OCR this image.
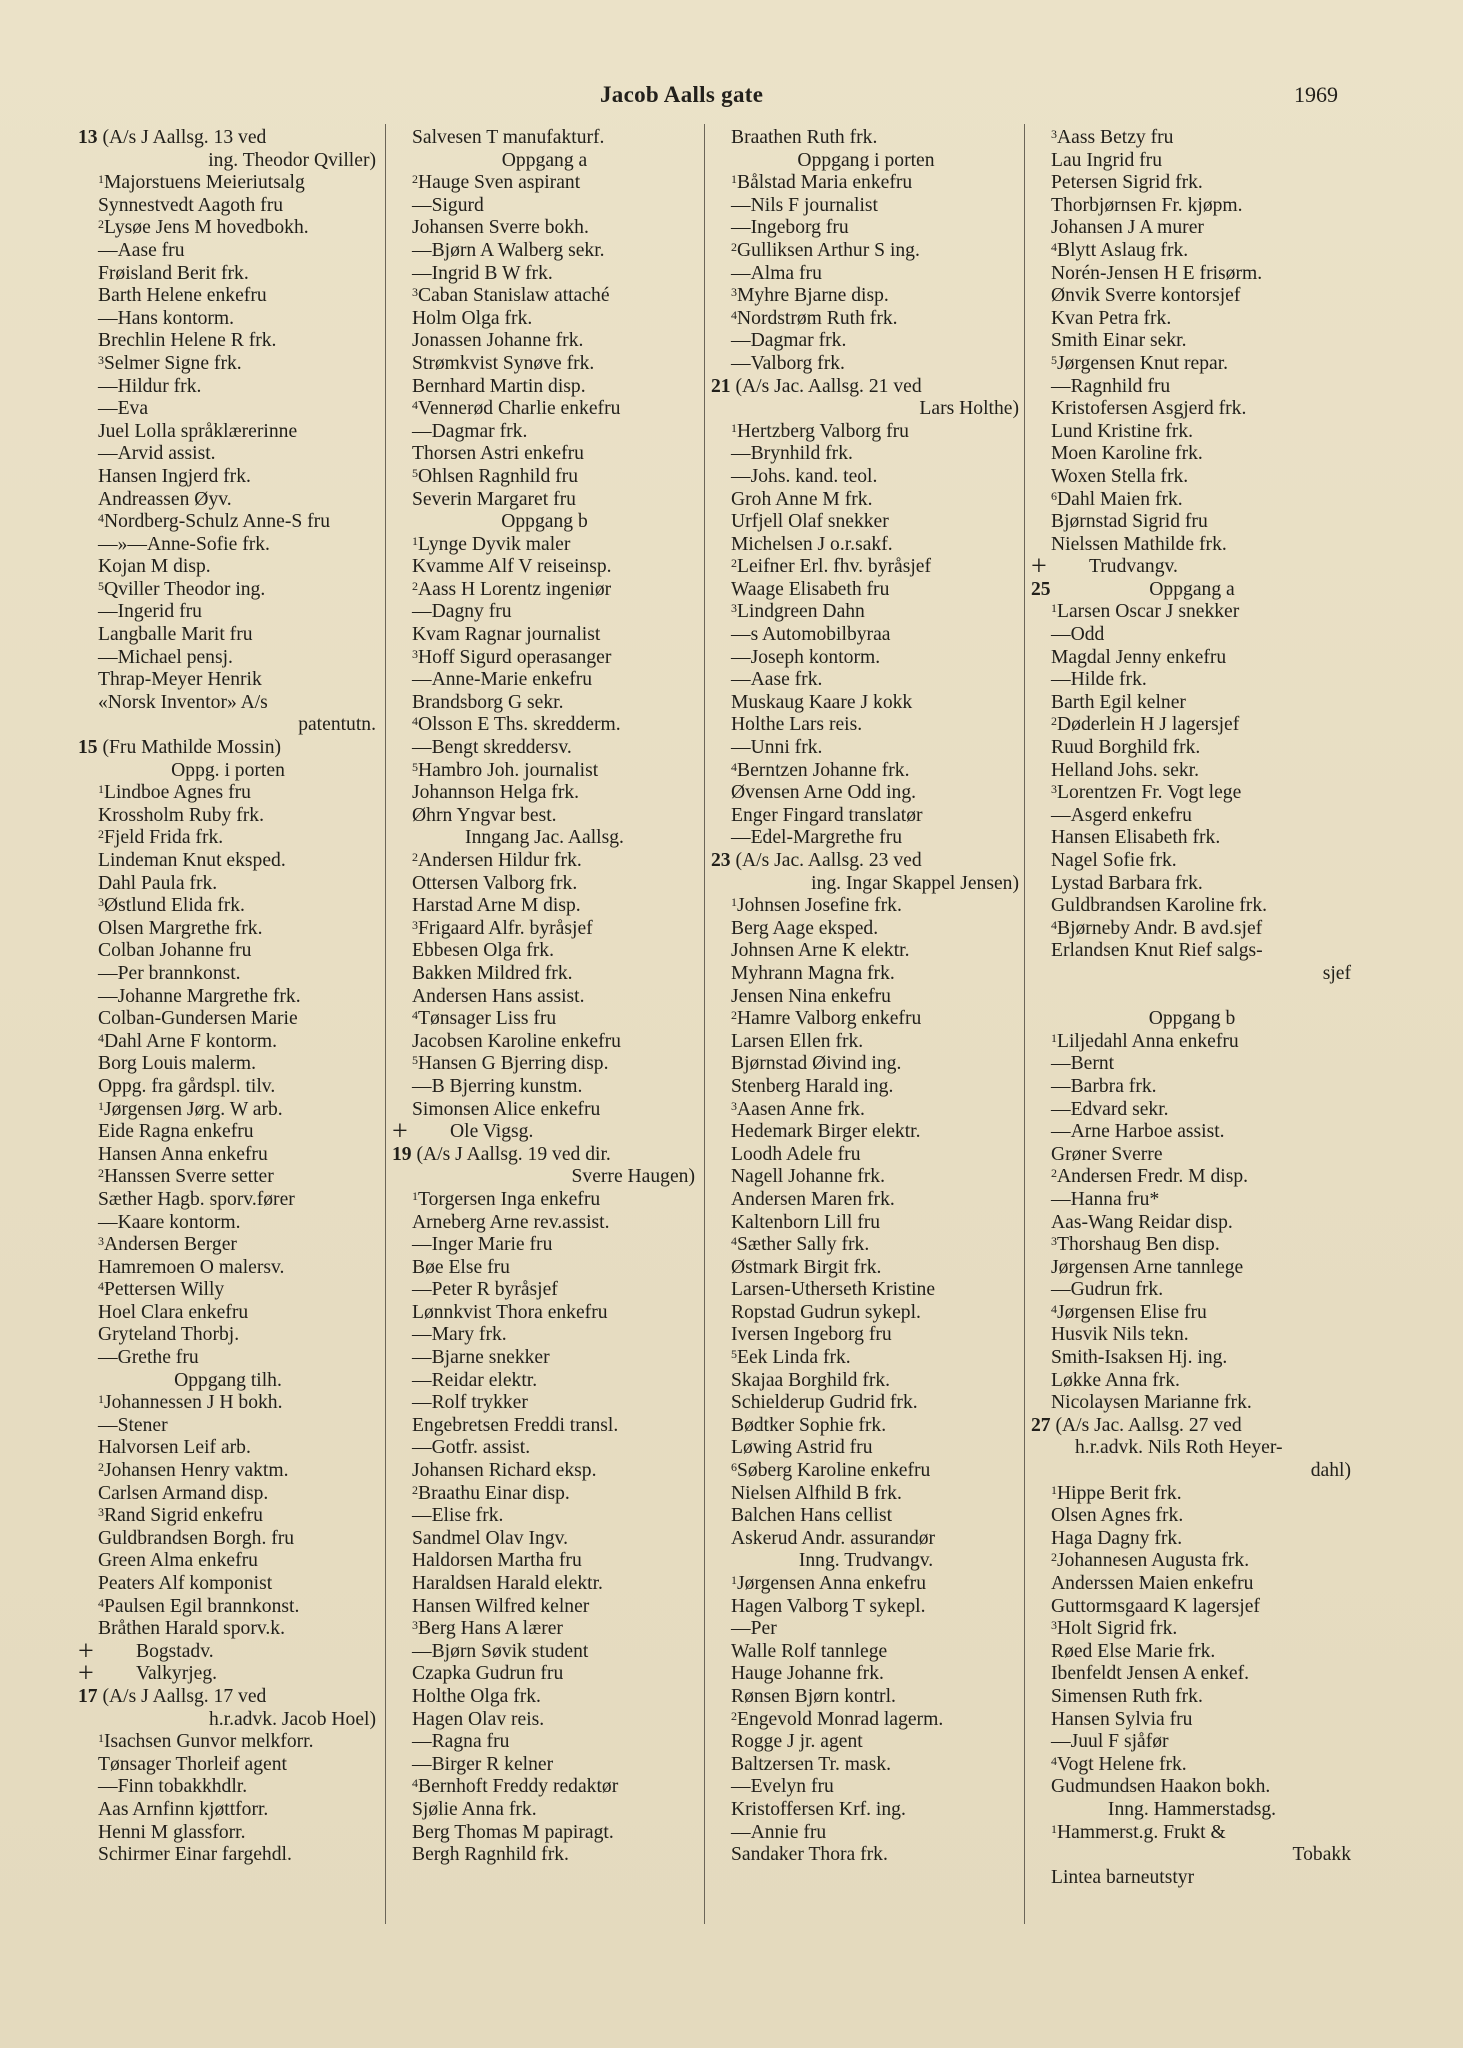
Jacob Aalls gate	1969
13 (A/s J Aallsg. 13 ved
ing. Theodor Qviller)
$^1$Majorstuens Meieriutsalg
Synnestvedt Aagoth fru
$^2$Lysøe Jens M hovedbokh.
—Aase fru
Frøisland Berit frk.
Barth Helene enkefru
—Hans kontorm.
Brechlin Helene R frk.
$^3$Selmer Signe frk.
—Hildur frk.
—Eva
Juel Lolla språklærerinne
—Arvid assist.
Hansen Ingjerd frk.
Andreassen Øyv.
$^4$Nordberg-Schulz Anne-S fru
—»—Anne-Sofie frk.
Kojan M disp.
$^5$Qviller Theodor ing.
—Ingerid fru
Langballe Marit fru
—Michael pensj.
Thrap-Meyer Henrik
«Norsk Inventor» A/s
patentutn.
15 (Fru Mathilde Mossin)
Oppg. i porten
$^1$Lindboe Agnes fru
Krossholm Ruby frk.
$^2$Fjeld Frida frk.
Lindeman Knut eksped.
Dahl Paula frk.
$^3$Østlund Elida frk.
Olsen Margrethe frk.
Colban Johanne fru
—Per brannkonst.
—Johanne Margrethe frk.
Colban-Gundersen Marie
$^4$Dahl Arne F kontorm.
Borg Louis malerm.
Oppg. fra gårdspl. tilv.
$^1$Jørgensen Jørg. W arb.
Eide Ragna enkefru
Hansen Anna enkefru
$^2$Hanssen Sverre setter
Sæther Hagb. sporv.fører
—Kaare kontorm.
$^3$Andersen Berger
Hamremoen O malersv.
$^4$Pettersen Willy
Hoel Clara enkefru
Gryteland Thorbj.
—Grethe fru
Oppgang tilh.
$^1$Johannessen J H bokh.
—Stener
Halvorsen Leif arb.
$^2$Johansen Henry vaktm.
Carlsen Armand disp.
$^3$Rand Sigrid enkefru
Guldbrandsen Borgh. fru
Green Alma enkefru
Peaters Alf komponist
$^4$Paulsen Egil brannkonst.
Bråthen Harald sporv.k.
+ Bogstadv.
+ Valkyrjeg.
17 (A/s J Aallsg. 17 ved
h.r.advk. Jacob Hoel)
$^1$Isachsen Gunvor melkforr.
Tønsager Thorleif agent
—Finn tobakkhdlr.
Aas Arnfinn kjøttforr.
Henni M glassforr.
Schirmer Einar fargehdl.
Salvesen T manufakturf.
Oppgang a
$^2$Hauge Sven aspirant
—Sigurd
Johansen Sverre bokh.
—Bjørn A Walberg sekr.
—Ingrid B W frk.
$^3$Caban Stanislaw attaché
Holm Olga frk.
Jonassen Johanne frk.
Strømkvist Synøve frk.
Bernhard Martin disp.
$^4$Vennerød Charlie enkefru
—Dagmar frk.
Thorsen Astri enkefru
$^5$Ohlsen Ragnhild fru
Severin Margaret fru
Oppgang b
$^1$Lynge Dyvik maler
Kvamme Alf V reiseinsp.
$^2$Aass H Lorentz ingeniør
—Dagny fru
Kvam Ragnar journalist
$^3$Hoff Sigurd operasanger
—Anne-Marie enkefru
Brandsborg G sekr.
$^4$Olsson E Ths. skredderm.
—Bengt skreddersv.
$^5$Hambro Joh. journalist
Johannson Helga frk.
Øhrn Yngvar best.
Inngang Jac. Aallsg.
$^2$Andersen Hildur frk.
Ottersen Valborg frk.
Harstad Arne M disp.
$^3$Frigaard Alfr. byråsjef
Ebbesen Olga frk.
Bakken Mildred frk.
Andersen Hans assist.
$^4$Tønsager Liss fru
Jacobsen Karoline enkefru
$^5$Hansen G Bjerring disp.
—B Bjerring kunstm.
Simonsen Alice enkefru
+ Ole Vigsg.
19 (A/s J Aallsg. 19 ved dir.
Sverre Haugen)
$^1$Torgersen Inga enkefru
Arneberg Arne rev.assist.
—Inger Marie fru
Bøe Else fru
—Peter R byråsjef
Lønnkvist Thora enkefru
—Mary frk.
—Bjarne snekker
—Reidar elektr.
—Rolf trykker
Engebretsen Freddi transl.
—Gotfr. assist.
Johansen Richard eksp.
$^2$Braathu Einar disp.
—Elise frk.
Sandmel Olav Ingv.
Haldorsen Martha fru
Haraldsen Harald elektr.
Hansen Wilfred kelner
$^3$Berg Hans A lærer
—Bjørn Søvik student
Czapka Gudrun fru
Holthe Olga frk.
Hagen Olav reis.
—Ragna fru
—Birger R kelner
$^4$Bernhoft Freddy redaktør
Sjølie Anna frk.
Berg Thomas M papiragt.
Bergh Ragnhild frk.
Braathen Ruth frk.
Oppgang i porten
$^1$Bålstad Maria enkefru
—Nils F journalist
—Ingeborg fru
$^2$Gulliksen Arthur S ing.
—Alma fru
$^3$Myhre Bjarne disp.
$^4$Nordstrøm Ruth frk.
—Dagmar frk.
—Valborg frk.
21 (A/s Jac. Aallsg. 21 ved
Lars Holthe)
$^1$Hertzberg Valborg fru
—Brynhild frk.
—Johs. kand. teol.
Groh Anne M frk.
Urfjell Olaf snekker
Michelsen J o.r.sakf.
$^2$Leifner Erl. fhv. byråsjef
Waage Elisabeth fru
$^3$Lindgreen Dahn
—s Automobilbyraa
—Joseph kontorm.
—Aase frk.
Muskaug Kaare J kokk
Holthe Lars reis.
—Unni frk.
$^4$Berntzen Johanne frk.
Øvensen Arne Odd ing.
Enger Fingard translatør
—Edel-Margrethe fru
23 (A/s Jac. Aallsg. 23 ved
ing. Ingar Skappel Jensen)
$^1$Johnsen Josefine frk.
Berg Aage eksped.
Johnsen Arne K elektr.
Myhrann Magna frk.
Jensen Nina enkefru
$^2$Hamre Valborg enkefru
Larsen Ellen frk.
Bjørnstad Øivind ing.
Stenberg Harald ing.
$^3$Aasen Anne frk.
Hedemark Birger elektr.
Loodh Adele fru
Nagell Johanne frk.
Andersen Maren frk.
Kaltenborn Lill fru
$^4$Sæther Sally frk.
Østmark Birgit frk.
Larsen-Utherseth Kristine
Ropstad Gudrun sykepl.
Iversen Ingeborg fru
$^5$Eek Linda frk.
Skajaa Borghild frk.
Schielderup Gudrid frk.
Bødtker Sophie frk.
Løwing Astrid fru
$^6$Søberg Karoline enkefru
Nielsen Alfhild B frk.
Balchen Hans cellist
Askerud Andr. assurandør
Inng. Trudvangv.
$^1$Jørgensen Anna enkefru
Hagen Valborg T sykepl.
—Per
Walle Rolf tannlege
Hauge Johanne frk.
Rønsen Bjørn kontrl.
$^2$Engevold Monrad lagerm.
Rogge J jr. agent
Baltzersen Tr. mask.
—Evelyn fru
Kristoffersen Krf. ing.
—Annie fru
Sandaker Thora frk.
$^3$Aass Betzy fru
Lau Ingrid fru
Petersen Sigrid frk.
Thorbjørnsen Fr. kjøpm.
Johansen J A murer
$^4$Blytt Aslaug frk.
Norén-Jensen H E frisørm.
Ønvik Sverre kontorsjef
Kvan Petra frk.
Smith Einar sekr.
$^5$Jørgensen Knut repar.
—Ragnhild fru
Kristofersen Asgjerd frk.
Lund Kristine frk.
Moen Karoline frk.
Woxen Stella frk.
$^6$Dahl Maien frk.
Bjørnstad Sigrid fru
Nielssen Mathilde frk.
+ Trudvangv.
25	Oppgang a
$^1$Larsen Oscar J snekker
—Odd
Magdal Jenny enkefru
—Hilde frk.
Barth Egil kelner
$^2$Døderlein H J lagersjef
Ruud Borghild frk.
Helland Johs. sekr.
$^3$Lorentzen Fr. Vogt lege
—Asgerd enkefru
Hansen Elisabeth frk.
Nagel Sofie frk.
Lystad Barbara frk.
Guldbrandsen Karoline frk.
$^4$Bjørneby Andr. B avd.sjef
Erlandsen Knut Rief salgs-
sjef
Oppgang b
$^1$Liljedahl Anna enkefru
—Bernt
—Barbra frk.
—Edvard sekr.
—Arne Harboe assist.
Grøner Sverre
$^2$Andersen Fredr. M disp.
—Hanna fru*
Aas-Wang Reidar disp.
$^3$Thorshaug Ben disp.
Jørgensen Arne tannlege
—Gudrun frk.
$^4$Jørgensen Elise fru
Husvik Nils tekn.
Smith-Isaksen Hj. ing.
Løkke Anna frk.
Nicolaysen Marianne frk.
27 (A/s Jac. Aallsg. 27 ved
h.r.advk. Nils Roth Heyer-
dahl)
$^1$Hippe Berit frk.
Olsen Agnes frk.
Haga Dagny frk.
$^2$Johannesen Augusta frk.
Anderssen Maien enkefru
Guttormsgaard K lagersjef
$^3$Holt Sigrid frk.
Røed Else Marie frk.
Ibenfeldt Jensen A enkef.
Simensen Ruth frk.
Hansen Sylvia fru
—Juul F sjåfør
$^4$Vogt Helene frk.
Gudmundsen Haakon bokh.
Inng. Hammerstadsg.
$^1$Hammerst.g. Frukt &
Tobakk
Lintea barneutstyr
